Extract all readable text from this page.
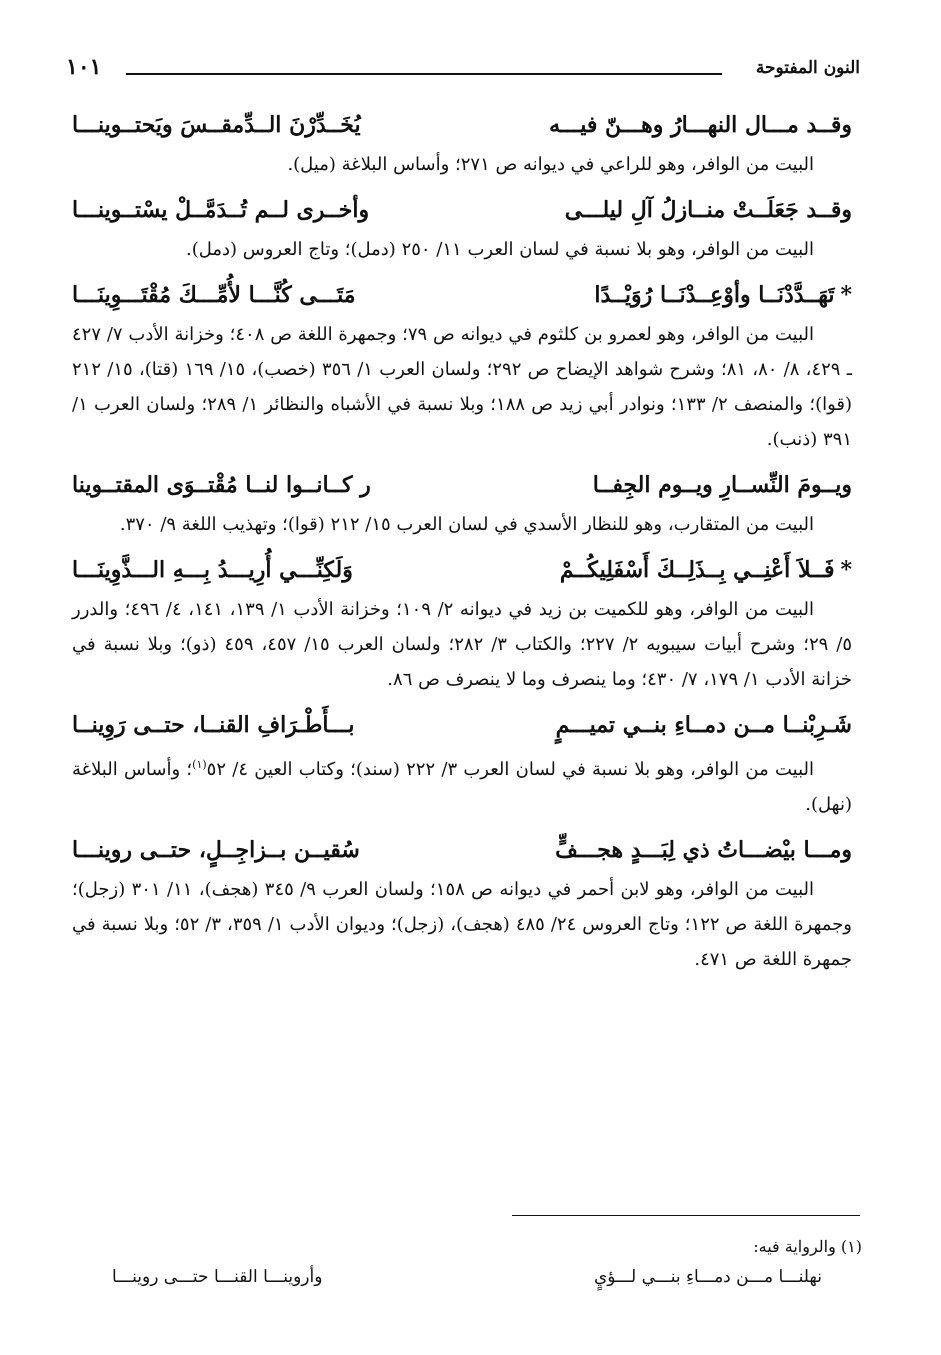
النون المفتوحة
١٠١
وقــد مـــال النهـــارُ وهـــنّ فيـــه
يُخَــدِّرْنَ الــدِّمقــسَ ويَحتــوينـــا

البيت من الوافر، وهو للراعي في ديوانه ص ٢٧١؛ وأساس البلاغة (ميل).

وقــد جَعَلَــتْ منــازلُ آلِ ليلـــى
وأخــرى لــم تُــدَمَّــلْ يسْتــوينـــا

البيت من الوافر، وهو بلا نسبة في لسان العرب ١١/ ٢٥٠ (دمل)؛ وتاج العروس (دمل).

*تَهَــدَّدْنَــا وأوْعِــدْنَــا رُوَيْــدًا
مَتَـــى كُنَّـــا لأُمِّـــكَ مُقْتَـــوِينَـــا

البيت من الوافر، وهو لعمرو بن كلثوم في ديوانه ص ٧٩؛ وجمهرة اللغة ص ٤٠٨؛ وخزانة الأدب ٧/ ٤٢٧ ـ ٤٢٩، ٨/ ٨٠، ٨١؛ وشرح شواهد الإيضاح ص ٢٩٢؛ ولسان العرب ١/ ٣٥٦ (خصب)، ١٥/ ١٦٩ (قتا)، ١٥/ ٢١٢ (قوا)؛ والمنصف ٢/ ١٣٣؛ ونوادر أبي زيد ص ١٨٨؛ وبلا نسبة في الأشباه والنظائر ١/ ٢٨٩؛ ولسان العرب ١/ ٣٩١ (ذنب).

ويــومَ النِّســارِ ويــوم الجِفــا
ر كــانــوا لنــا مُقْتــوَى المقتــوينا

البيت من المتقارب، وهو للنظار الأسدي في لسان العرب ١٥/ ٢١٢ (قوا)؛ وتهذيب اللغة ٩/ ٣٧٠.

*فَــلاَ أَعْنِــي بِــذَلِــكَ أَسْفَلِيكُــمْ
وَلَكِنِّـــي أُرِيـــدُ بِـــهِ الـــذَّوِينَـــا

البيت من الوافر، وهو للكميت بن زيد في ديوانه ٢/ ١٠٩؛ وخزانة الأدب ١/ ١٣٩، ١٤١، ٤/ ٤٩٦؛ والدرر ٥/ ٢٩؛ وشرح أبيات سيبويه ٢/ ٢٢٧؛ والكتاب ٣/ ٢٨٢؛ ولسان العرب ١٥/ ٤٥٧، ٤٥٩ (ذو)؛ وبلا نسبة في خزانة الأدب ١/ ١٧٩، ٧/ ٤٣٠؛ وما ينصرف وما لا ينصرف ص ٨٦.

شَـرِبْنــا مــن دمــاءِ بنــي تميـــمٍ
بـــأَطْـرَافِ القنــا، حتــى رَوِينــا

البيت من الوافر، وهو بلا نسبة في لسان العرب ٣/ ٢٢٢ (سند)؛ وكتاب العين ٤/ ٥٢$^{(١)}$؛ وأساس البلاغة (نهل).

ومـــا بيْضـــاتُ ذي لِبَـــدٍ هجـــفٍّ
سُقيــن بــزاجِــلٍ، حتــى روينـــا

البيت من الوافر، وهو لابن أحمر في ديوانه ص ١٥٨؛ ولسان العرب ٩/ ٣٤٥ (هجف)، ١١/ ٣٠١ (زجل)؛ وجمهرة اللغة ص ١٢٢؛ وتاج العروس ٢٤/ ٤٨٥ (هجف)، (زجل)؛ وديوان الأدب ١/ ٣٥٩، ٣/ ٥٢؛ وبلا نسبة في جمهرة اللغة ص ٤٧١.

(١) والرواية فيه:
نهلنـــا مـــن دمـــاءِ بنـــي لـــؤيٍ
وأروينـــا القنـــا حتـــى روينـــا
